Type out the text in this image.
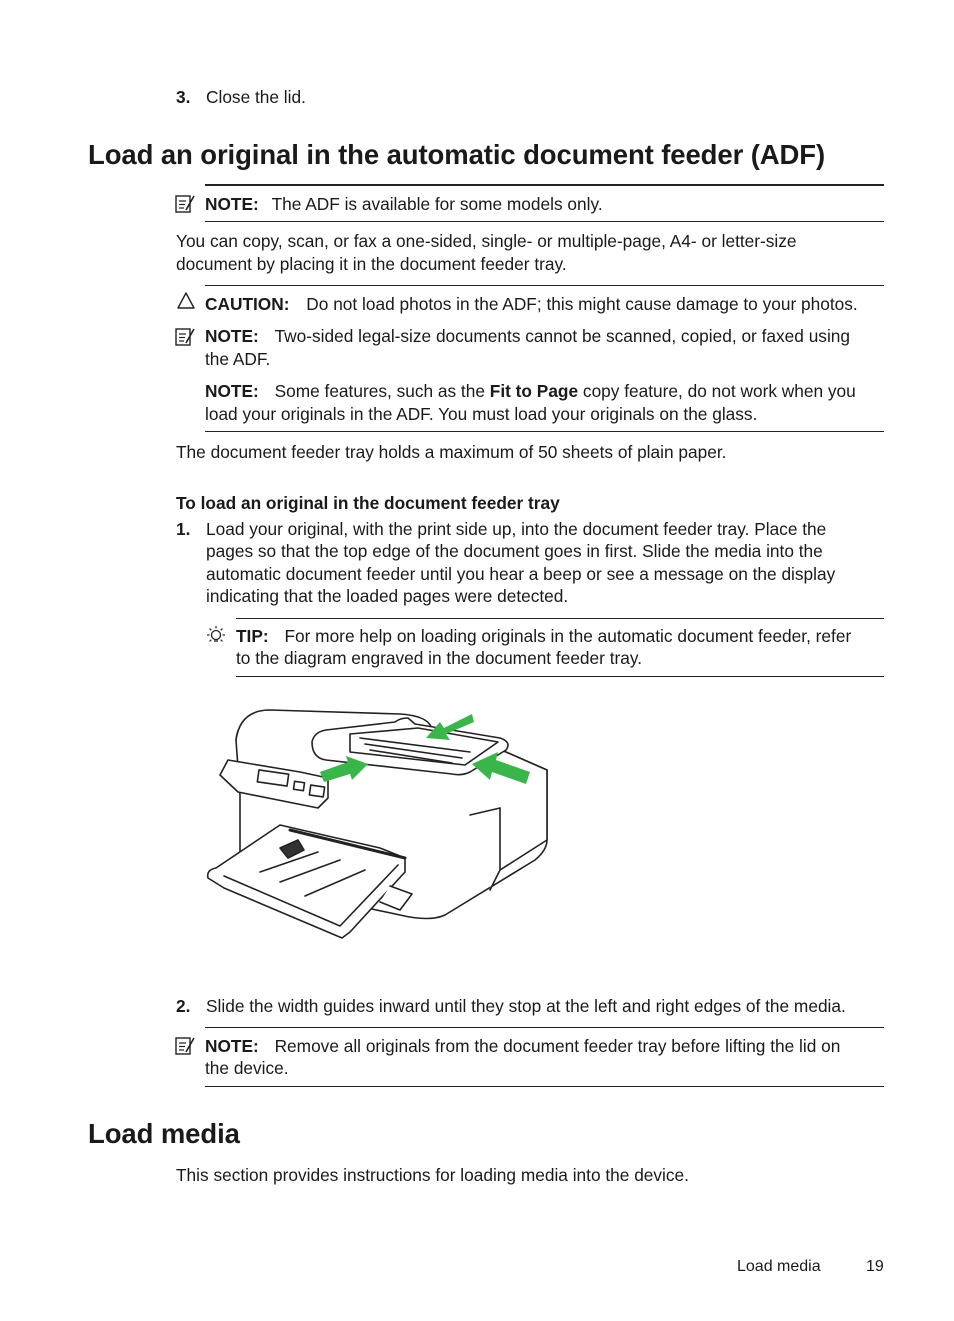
3. Close the lid.
Load an original in the automatic document feeder (ADF)
NOTE: The ADF is available for some models only.
You can copy, scan, or fax a one-sided, single- or multiple-page, A4- or letter-size
document by placing it in the document feeder tray.
CAUTION: Do not load photos in the ADF; this might cause damage to your photos.
NOTE: Two-sided legal-size documents cannot be scanned, copied, or faxed using
the ADF.
NOTE: Some features, such as the Fit to Page copy feature, do not work when you
load your originals in the ADF. You must load your originals on the glass.
The document feeder tray holds a maximum of 50 sheets of plain paper.
To load an original in the document feeder tray
1. Load your original, with the print side up, into the document feeder tray. Place the
pages so that the top edge of the document goes in first. Slide the media into the
automatic document feeder until you hear a beep or see a message on the display
indicating that the loaded pages were detected.
TIP: For more help on loading originals in the automatic document feeder, refer
to the diagram engraved in the document feeder tray.
2. Slide the width guides inward until they stop at the left and right edges of the media.
NOTE: Remove all originals from the document feeder tray before lifting the lid on
the device.
Load media
This section provides instructions for loading media into the device.
Load media	19
